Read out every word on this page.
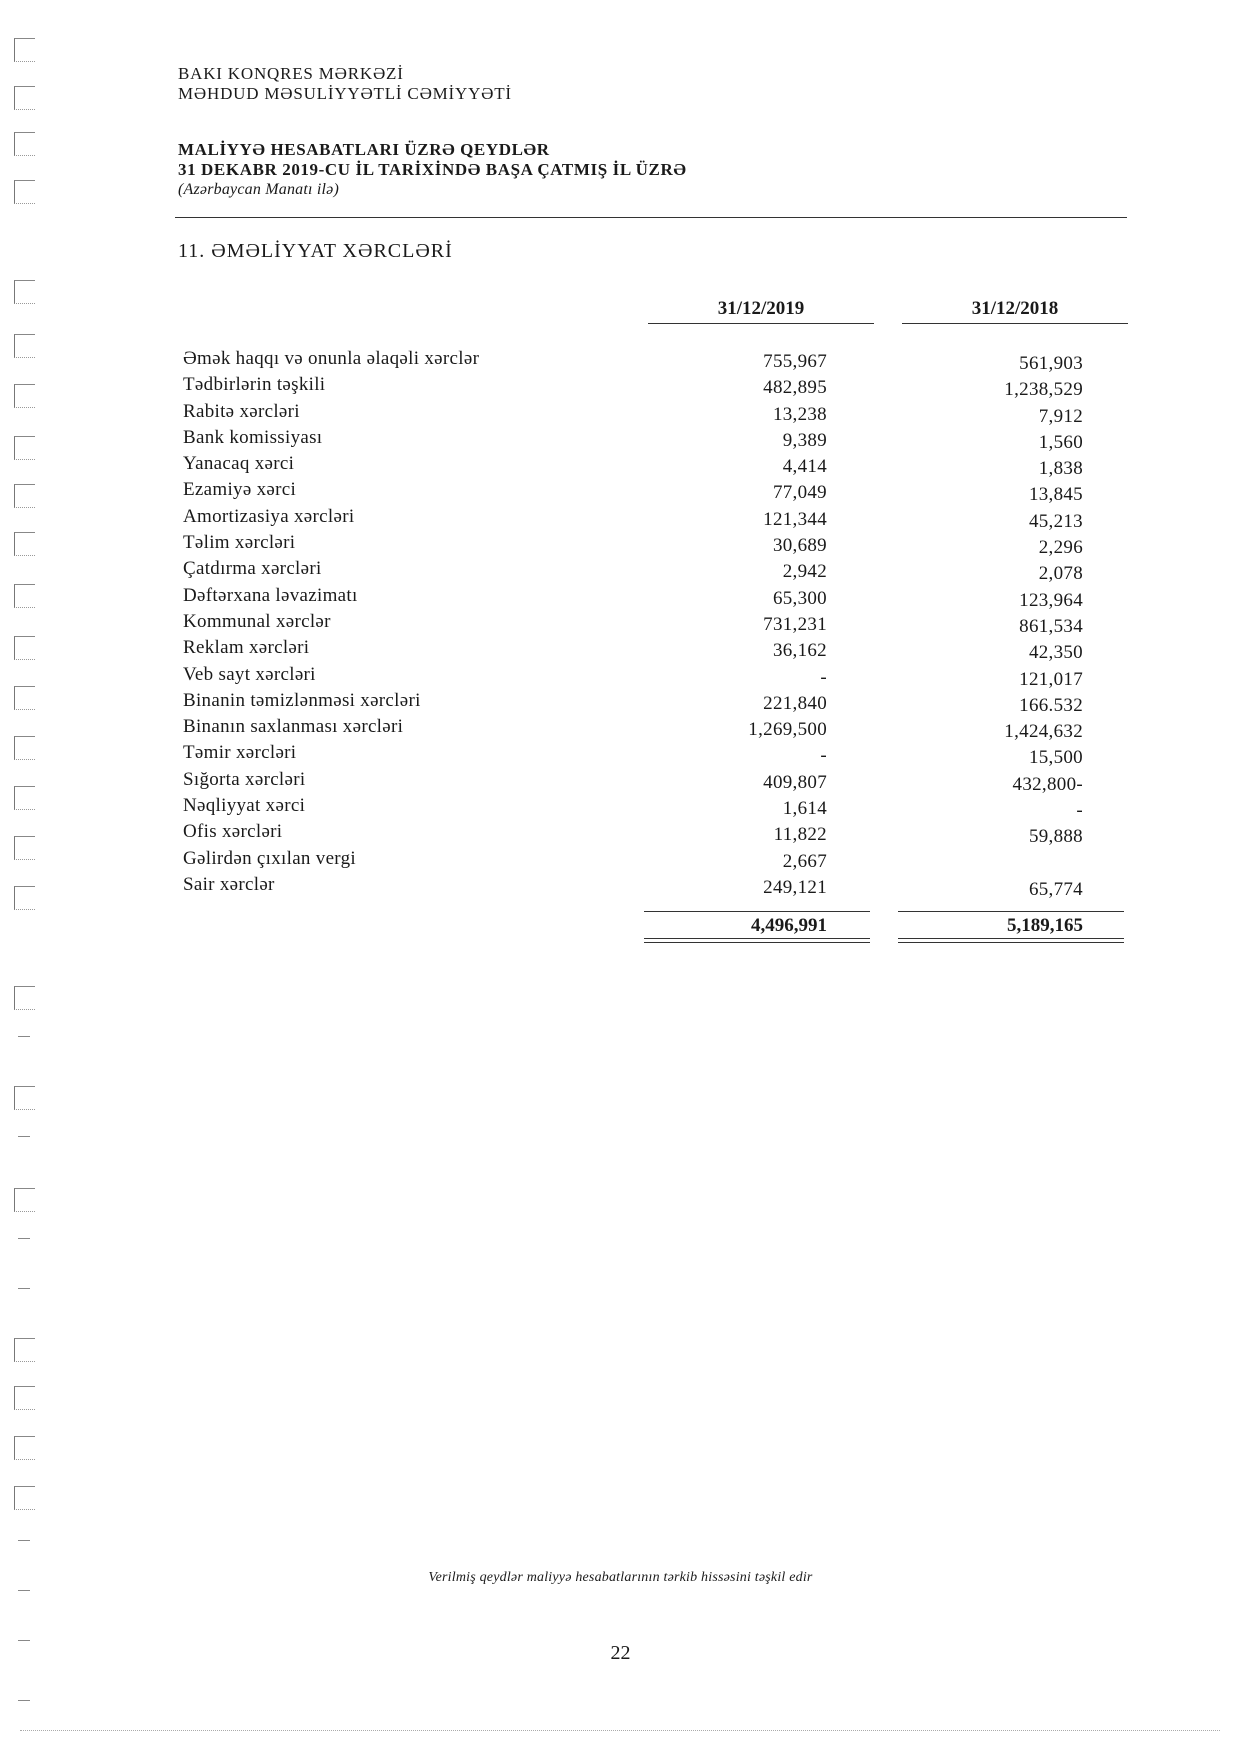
BAKI KONQRES MƏRKƏZİ
MƏHDUD MƏSULİYYƏTLİ CƏMİYYƏTİ
MALİYYƏ HESABATLARI ÜZRƏ QEYDLƏR
31 DEKABR 2019-CU İL TARİXİNDƏ BAŞA ÇATMIŞ İL ÜZRƏ
(Azərbaycan Manatı ilə)
11. ƏMƏLİYYAT XƏRCLƏRİ
31/12/2019	31/12/2018
Əmək haqqı və onunla əlaqəli xərclər	755,967	561,903
Tədbirlərin təşkili	482,895	1,238,529
Rabitə xərcləri	13,238	7,912
Bank komissiyası	9,389	1,560
Yanacaq xərci	4,414	1,838
Ezamiyə xərci	77,049	13,845
Amortizasiya xərcləri	121,344	45,213
Təlim xərcləri	30,689	2,296
Çatdırma xərcləri	2,942	2,078
Dəftərxana ləvazimatı	65,300	123,964
Kommunal xərclər	731,231	861,534
Reklam xərcləri	36,162	42,350
Veb sayt xərcləri	-	121,017
Binanin təmizlənməsi xərcləri	221,840	166.532
Binanın saxlanması xərcləri	1,269,500	1,424,632
Təmir xərcləri	-	15,500
Sığorta xərcləri	409,807	432,800-
Nəqliyyat xərci	1,614	-
Ofis xərcləri	11,822	59,888
Gəlirdən çıxılan vergi	2,667
Sair xərclər	249,121	65,774
4,496,991	5,189,165
Verilmiş qeydlər maliyyə hesabatlarının tərkib hissəsini təşkil edir
22
